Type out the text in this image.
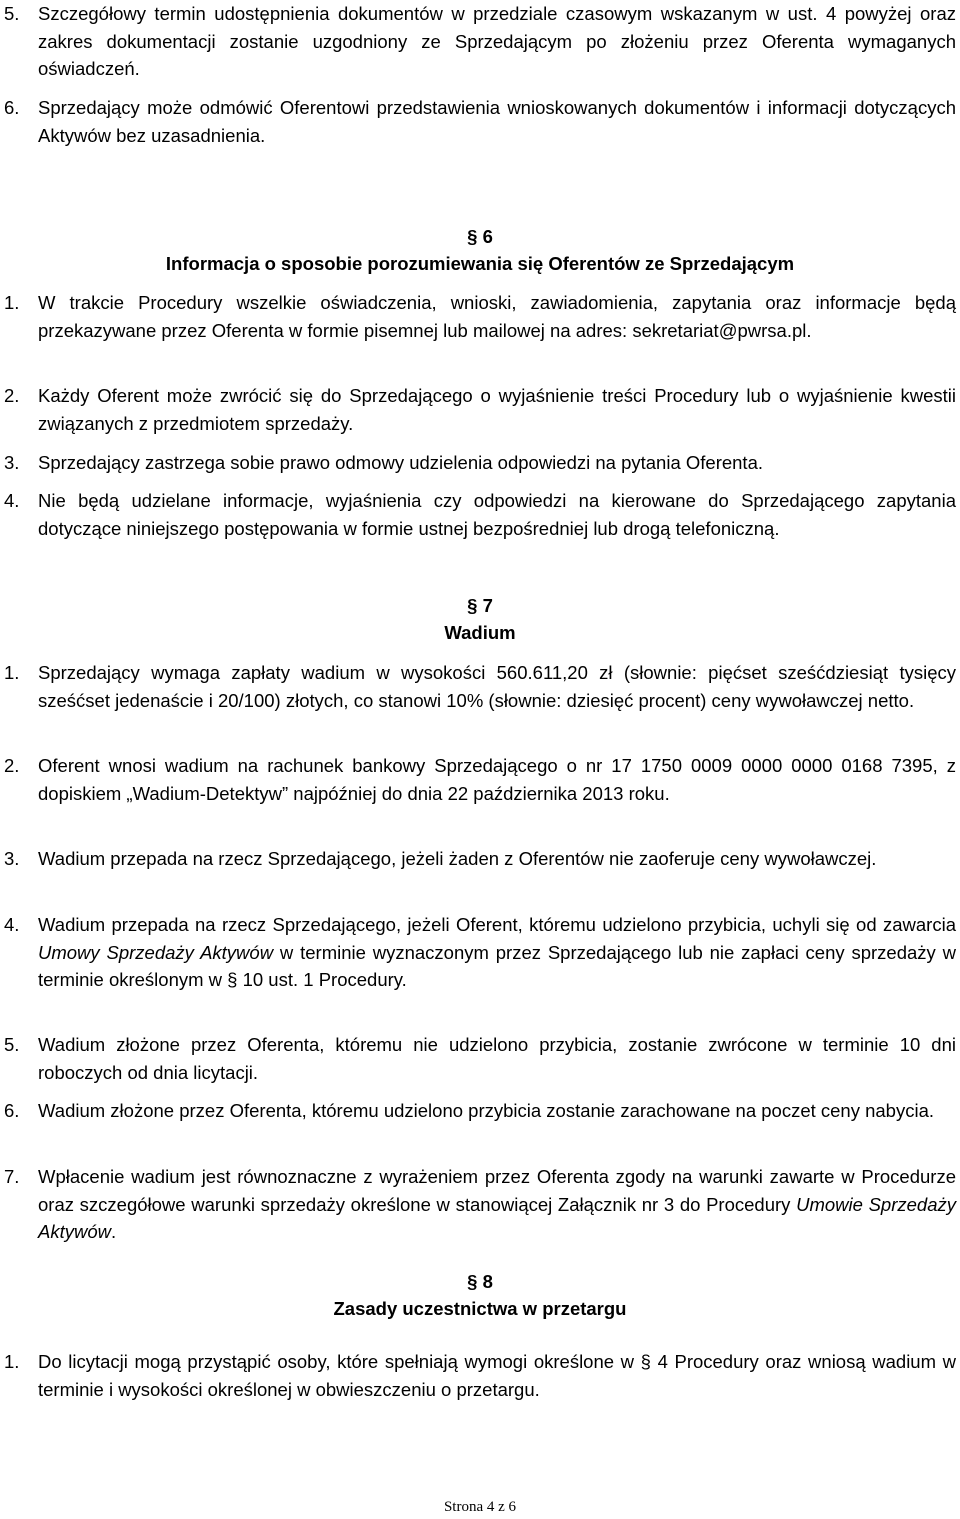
5. Szczegółowy termin udostępnienia dokumentów w przedziale czasowym wskazanym w ust. 4 powyżej oraz zakres dokumentacji zostanie uzgodniony ze Sprzedającym po złożeniu przez Oferenta wymaganych oświadczeń.
6. Sprzedający może odmówić Oferentowi przedstawienia wnioskowanych dokumentów i informacji dotyczących Aktywów bez uzasadnienia.
§ 6
Informacja o sposobie porozumiewania się Oferentów ze Sprzedającym
1. W trakcie Procedury wszelkie oświadczenia, wnioski, zawiadomienia, zapytania oraz informacje będą przekazywane przez Oferenta w formie pisemnej lub mailowej na adres: sekretariat@pwrsa.pl.
2. Każdy Oferent może zwrócić się do Sprzedającego o wyjaśnienie treści Procedury lub o wyjaśnienie kwestii związanych z przedmiotem sprzedaży.
3. Sprzedający zastrzega sobie prawo odmowy udzielenia odpowiedzi na pytania Oferenta.
4. Nie będą udzielane informacje, wyjaśnienia czy odpowiedzi na kierowane do Sprzedającego zapytania dotyczące niniejszego postępowania w formie ustnej bezpośredniej lub drogą telefoniczną.
§ 7
Wadium
1. Sprzedający wymaga zapłaty wadium w wysokości 560.611,20 zł (słownie: pięćset sześćdziesiąt tysięcy sześćset jedenaście i 20/100) złotych, co stanowi 10% (słownie: dziesięć procent) ceny wywoławczej netto.
2. Oferent wnosi wadium na rachunek bankowy Sprzedającego o nr 17 1750 0009 0000 0000 0168 7395, z dopiskiem „Wadium-Detektyw” najpóźniej do dnia 22 października 2013 roku.
3. Wadium przepada na rzecz Sprzedającego, jeżeli żaden z Oferentów nie zaoferuje ceny wywoławczej.
4. Wadium przepada na rzecz Sprzedającego, jeżeli Oferent, któremu udzielono przybicia, uchyli się od zawarcia Umowy Sprzedaży Aktywów w terminie wyznaczonym przez Sprzedającego lub nie zapłaci ceny sprzedaży w terminie określonym w § 10 ust. 1 Procedury.
5. Wadium złożone przez Oferenta, któremu nie udzielono przybicia, zostanie zwrócone w terminie 10 dni roboczych od dnia licytacji.
6. Wadium złożone przez Oferenta, któremu udzielono przybicia zostanie zarachowane na poczet ceny nabycia.
7. Wpłacenie wadium jest równoznaczne z wyrażeniem przez Oferenta zgody na warunki zawarte w Procedurze oraz szczegółowe warunki sprzedaży określone w stanowiącej Załącznik nr 3 do Procedury Umowie Sprzedaży Aktywów.
§ 8
Zasady uczestnictwa w przetargu
1. Do licytacji mogą przystąpić osoby, które spełniają wymogi określone w § 4 Procedury oraz wniosą wadium w terminie i wysokości określonej w obwieszczeniu o przetargu.
Strona 4 z 6
